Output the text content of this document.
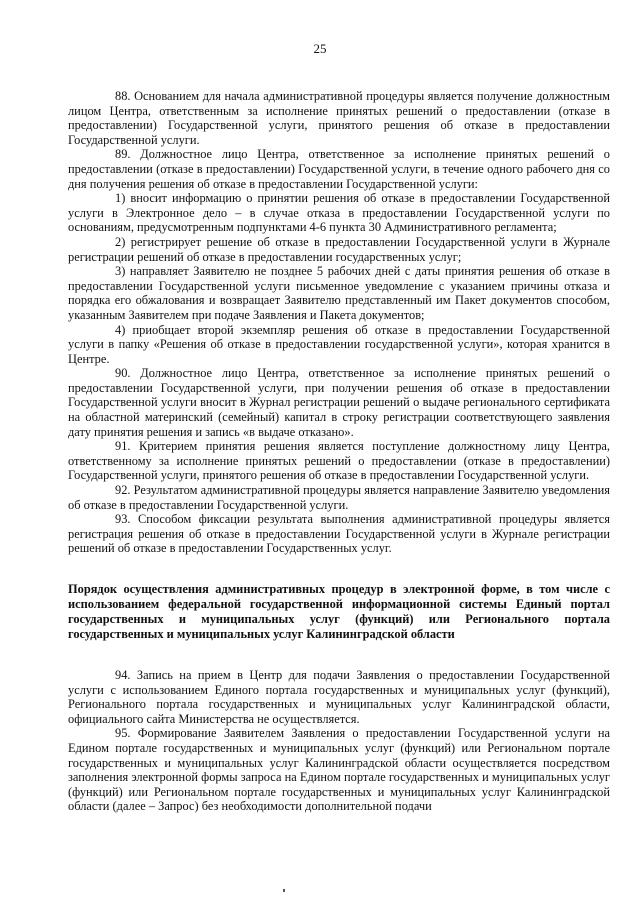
25

88. Основанием для начала административной процедуры является получение должностным лицом Центра, ответственным за исполнение принятых решений о предоставлении (отказе в предоставлении) Государственной услуги, принятого решения об отказе в предоставлении Государственной услуги.

89. Должностное лицо Центра, ответственное за исполнение принятых решений о предоставлении (отказе в предоставлении) Государственной услуги, в течение одного рабочего дня со дня получения решения об отказе в предоставлении Государственной услуги:

1) вносит информацию о принятии решения об отказе в предоставлении Государственной услуги в Электронное дело – в случае отказа в предоставлении Государственной услуги по основаниям, предусмотренным подпунктами 4-6 пункта 30 Административного регламента;

2) регистрирует решение об отказе в предоставлении Государственной услуги в Журнале регистрации решений об отказе в предоставлении государственных услуг;

3) направляет Заявителю не позднее 5 рабочих дней с даты принятия решения об отказе в предоставлении Государственной услуги письменное уведомление с указанием причины отказа и порядка его обжалования и возвращает Заявителю представленный им Пакет документов способом, указанным Заявителем при подаче Заявления и Пакета документов;

4) приобщает второй экземпляр решения об отказе в предоставлении Государственной услуги в папку «Решения об отказе в предоставлении государственной услуги», которая хранится в Центре.

90. Должностное лицо Центра, ответственное за исполнение принятых решений о предоставлении Государственной услуги, при получении решения об отказе в предоставлении Государственной услуги вносит в Журнал регистрации решений о выдаче регионального сертификата на областной материнский (семейный) капитал в строку регистрации соответствующего заявления дату принятия решения и запись «в выдаче отказано».

91. Критерием принятия решения является поступление должностному лицу Центра, ответственному за исполнение принятых решений о предоставлении (отказе в предоставлении) Государственной услуги, принятого решения об отказе в предоставлении Государственной услуги.

92. Результатом административной процедуры является направление Заявителю уведомления об отказе в предоставлении Государственной услуги.

93. Способом фиксации результата выполнения административной процедуры является регистрация решения об отказе в предоставлении Государственной услуги в Журнале регистрации решений об отказе в предоставлении Государственных услуг.

Порядок осуществления административных процедур в электронной форме, в том числе с использованием федеральной государственной информационной системы Единый портал государственных и муниципальных услуг (функций) или Регионального портала государственных и муниципальных услуг Калининградской области

94. Запись на прием в Центр для подачи Заявления о предоставлении Государственной услуги с использованием Единого портала государственных и муниципальных услуг (функций), Регионального портала государственных и муниципальных услуг Калининградской области, официального сайта Министерства не осуществляется.

95. Формирование Заявителем Заявления о предоставлении Государственной услуги на Едином портале государственных и муниципальных услуг (функций) или Региональном портале государственных и муниципальных услуг Калининградской области осуществляется посредством заполнения электронной формы запроса на Едином портале государственных и муниципальных услуг (функций) или Региональном портале государственных и муниципальных услуг Калининградской области (далее – Запрос) без необходимости дополнительной подачи
